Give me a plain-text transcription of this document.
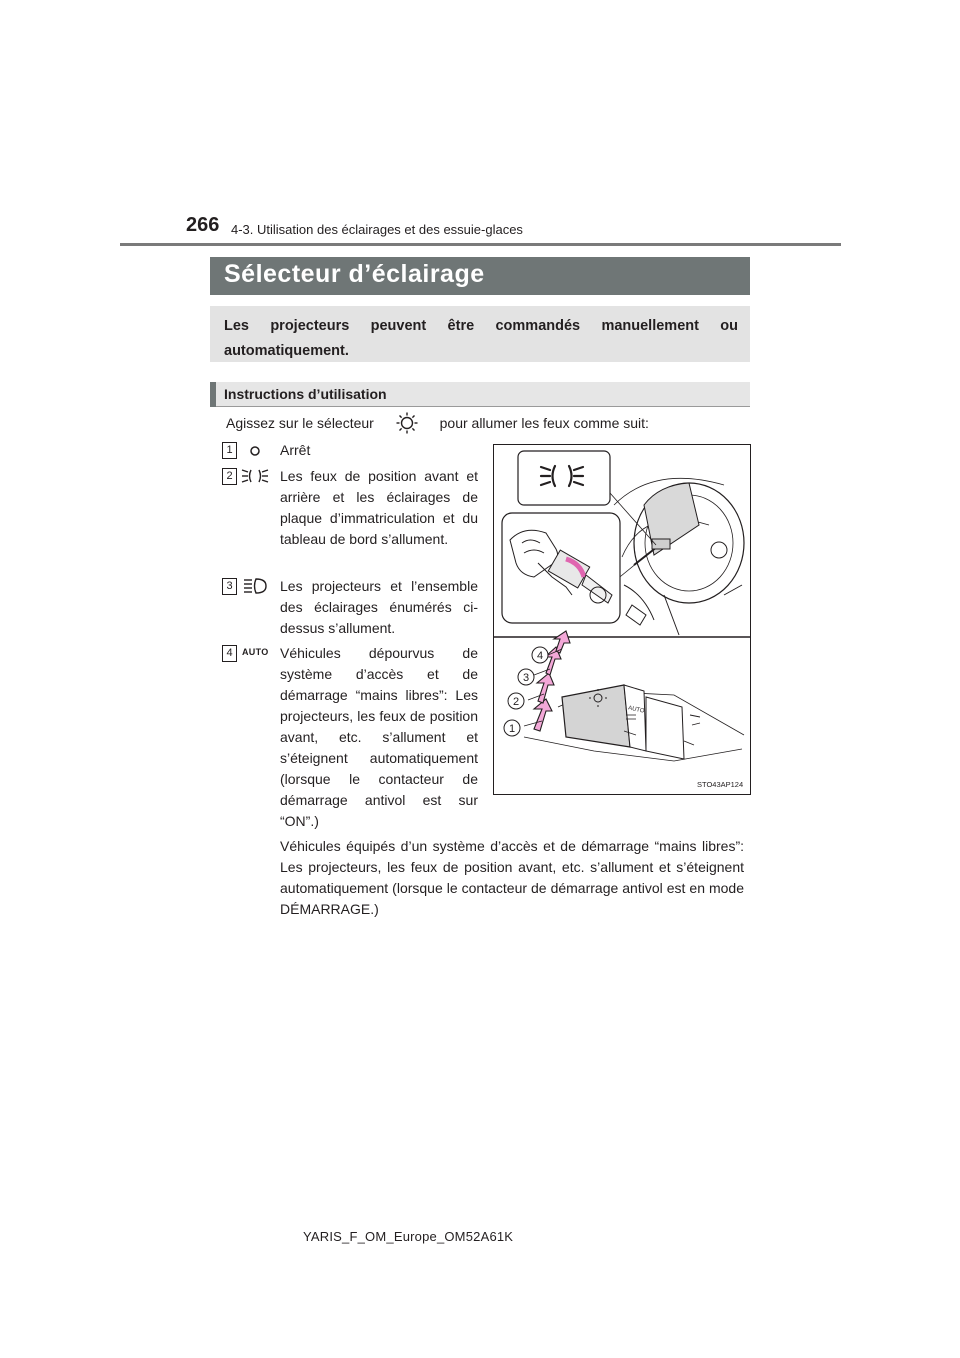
266 4-3. Utilisation des éclairages et des essuie-glaces
Sélecteur d’éclairage
Les projecteurs peuvent être commandés manuellement ou automatiquement.
Instructions d’utilisation
Agissez sur le sélecteur	pour allumer les feux comme suit:
1	Arrêt
2	Les feux de position avant et arrière et les éclairages de plaque d’immatriculation et du tableau de bord s’allument.
3	Les projecteurs et l’ensemble des éclairages énumérés ci-dessus s’allument.
4	AUTO Véhicules dépourvus de système d’accès et de démarrage “mains libres”: Les projecteurs, les feux de position avant, etc. s’allument et s’éteignent automatiquement (lorsque le contacteur de démarrage antivol est sur “ON”.)
Véhicules équipés d’un système d’accès et de démarrage “mains libres”: Les projecteurs, les feux de position avant, etc. s’allument et s’éteignent automatiquement (lorsque le contacteur de démarrage antivol est en mode DÉMARRAGE.)
1
2
3
4
AUTO
STO43AP124
YARIS_F_OM_Europe_OM52A61K
